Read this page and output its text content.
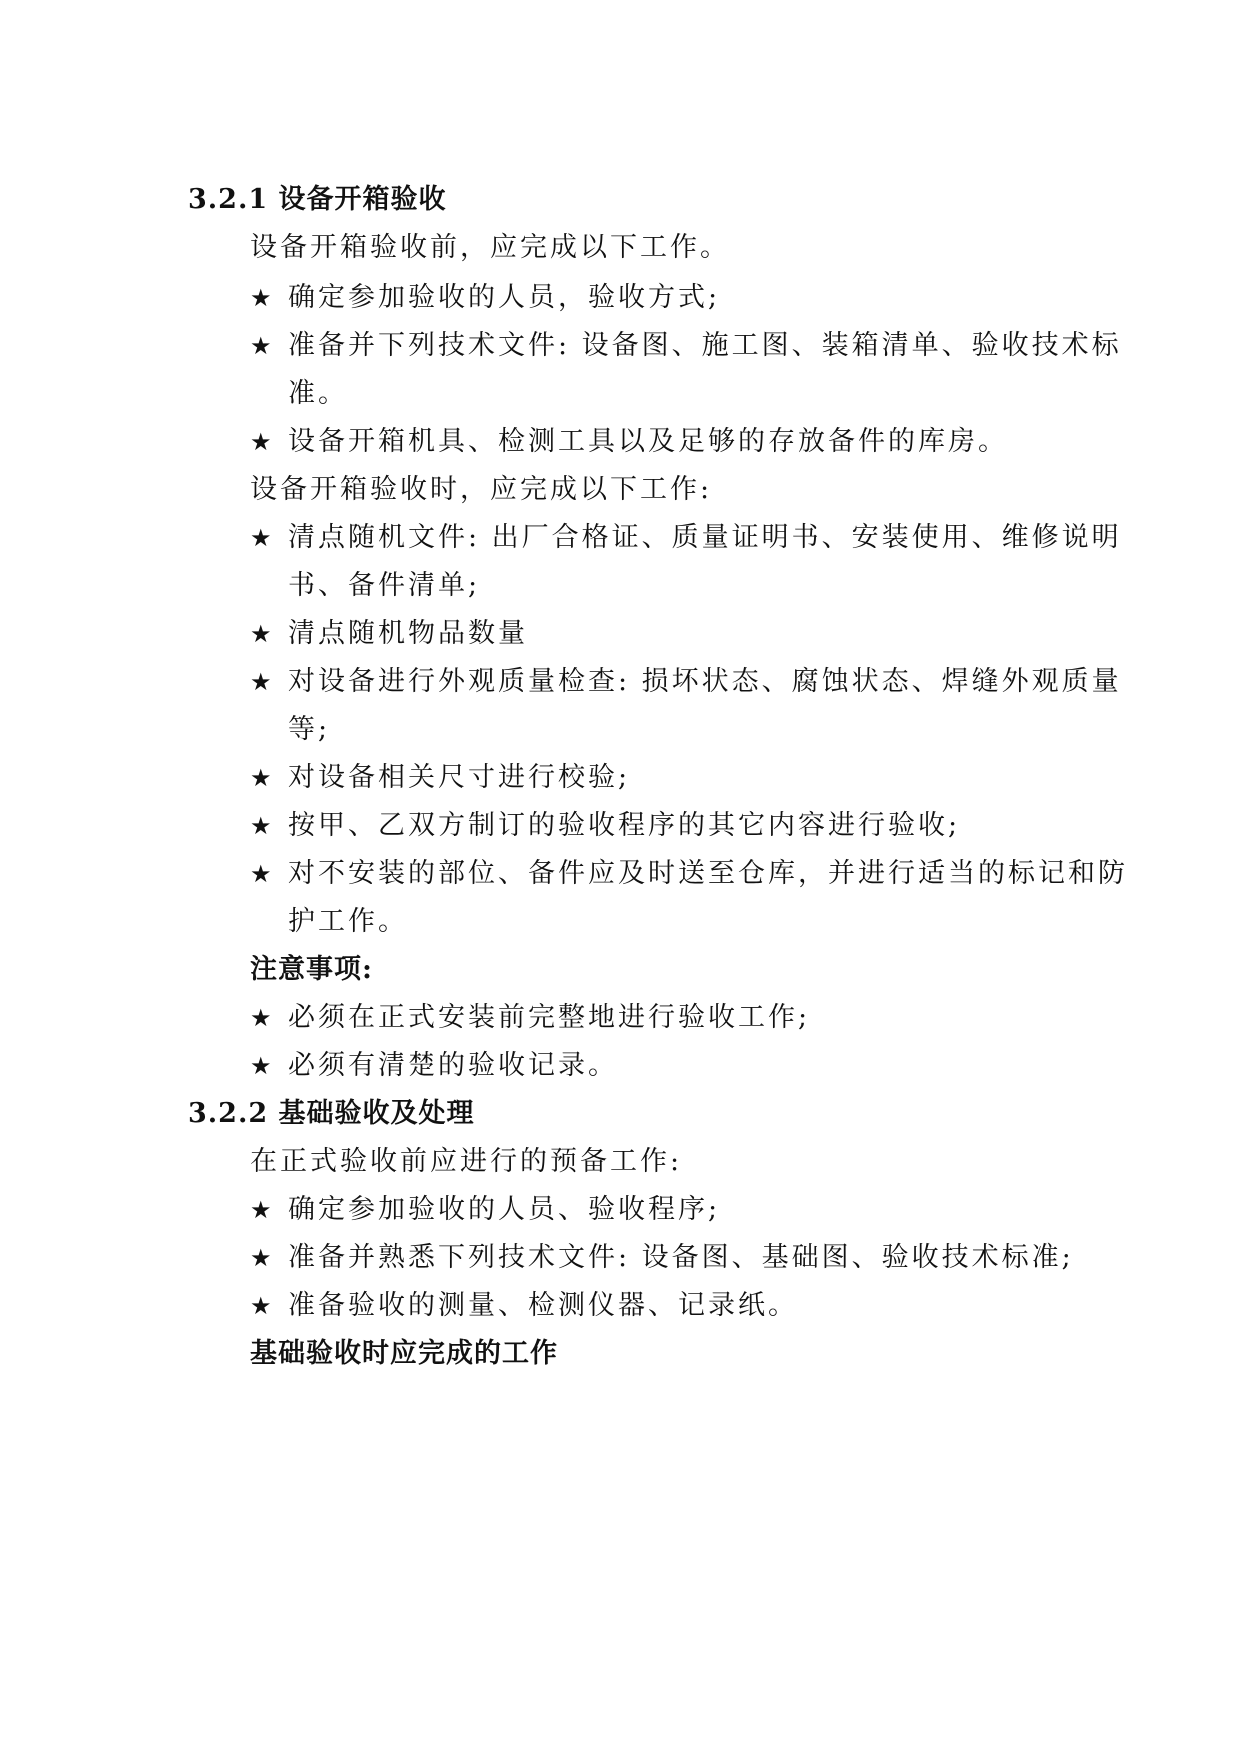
3.2.1 设备开箱验收
设备开箱验收前，应完成以下工作。
★ 确定参加验收的人员，验收方式;
★ 准备并下列技术文件: 设备图、施工图、装箱清单、验收技术标
准。
★ 设备开箱机具、检测工具以及足够的存放备件的库房。
设备开箱验收时，应完成以下工作:
★ 清点随机文件: 出厂合格证、质量证明书、安装使用、维修说明
书、备件清单;
★ 清点随机物品数量
★ 对设备进行外观质量检查: 损坏状态、腐蚀状态、焊缝外观质量
等;
★ 对设备相关尺寸进行校验;
★ 按甲、乙双方制订的验收程序的其它内容进行验收;
★ 对不安装的部位、备件应及时送至仓库，并进行适当的标记和防
护工作。
注意事项:
★ 必须在正式安装前完整地进行验收工作;
★ 必须有清楚的验收记录。
3.2.2 基础验收及处理
在正式验收前应进行的预备工作:
★ 确定参加验收的人员、验收程序;
★ 准备并熟悉下列技术文件: 设备图、基础图、验收技术标准;
★ 准备验收的测量、检测仪器、记录纸。
基础验收时应完成的工作
